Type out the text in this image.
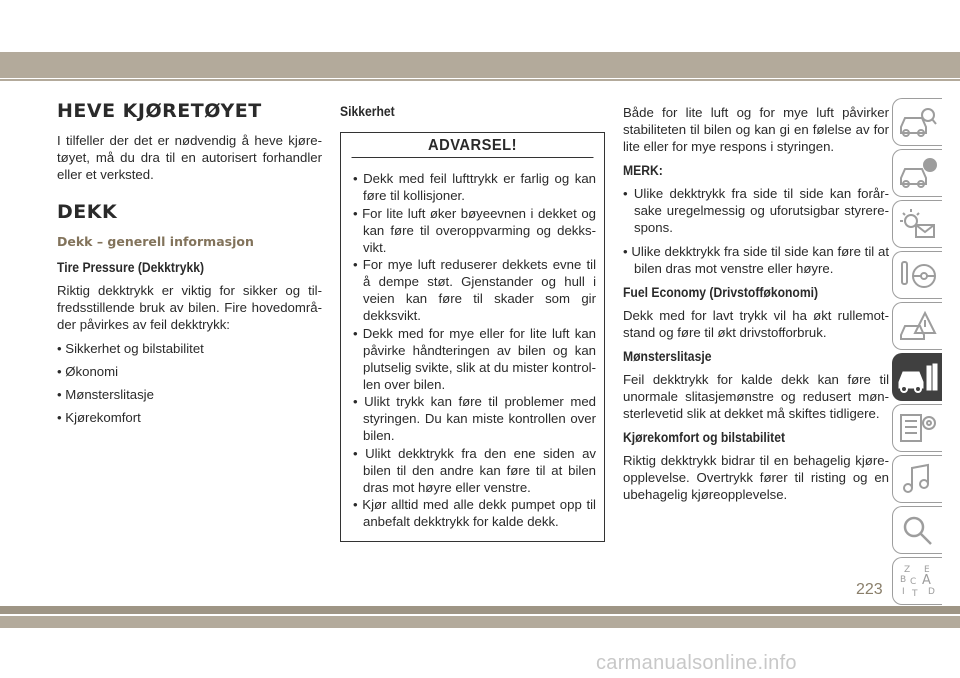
HEVE KJØRETØYET

I tilfeller der det er nødvendig å heve kjøretøyet, må du dra til en autorisert forhandler eller et verksted.

DEKK
Dekk – generell informasjon
Tire Pressure (Dekktrykk)

Riktig dekktrykk er viktig for sikker og tilfredsstillende bruk av bilen. Fire hovedområder påvirkes av feil dekktrykk:

• Sikkerhet og bilstabilitet
• Økonomi
• Mønsterslitasje
• Kjørekomfort
Sikkerhet
ADVARSEL!
• Dekk med feil lufttrykk er farlig og kan føre til kollisjoner.
• For lite luft øker bøyeevnen i dekket og kan føre til overoppvarming og dekksvikt.
• For mye luft reduserer dekkets evne til å dempe støt. Gjenstander og hull i veien kan føre til skader som gir dekksvikt.
• Dekk med for mye eller for lite luft kan påvirke håndteringen av bilen og kan plutselig svikte, slik at du mister kontrollen over bilen.
• Ulikt trykk kan føre til problemer med styringen. Du kan miste kontrollen over bilen.
• Ulikt dekktrykk fra den ene siden av bilen til den andre kan føre til at bilen dras mot høyre eller venstre.
• Kjør alltid med alle dekk pumpet opp til anbefalt dekktrykk for kalde dekk.

Både for lite luft og for mye luft påvirker stabiliteten til bilen og kan gi en følelse av for lite eller for mye respons i styringen.

MERK:
• Ulike dekktrykk fra side til side kan forårsake uregelmessig og uforutsigbar styrerespons.
• Ulike dekktrykk fra side til side kan føre til at bilen dras mot venstre eller høyre.
Fuel Economy (Drivstofføkonomi)

Dekk med for lavt trykk vil ha økt rullemotstand og føre til økt drivstofforbruk.

Mønsterslitasje

Feil dekktrykk for kalde dekk kan føre til unormale slitasjemønstre og redusert mønsterlevetid slik at dekket må skiftes tidligere.

Kjørekomfort og bilstabilitet

Riktig dekktrykk bidrar til en behagelig kjøreopplevelse. Overtrykk fører til risting og en ubehagelig kjøreopplevelse.

Z E
B A
C
D
I T
223
carmanualsonline.info
